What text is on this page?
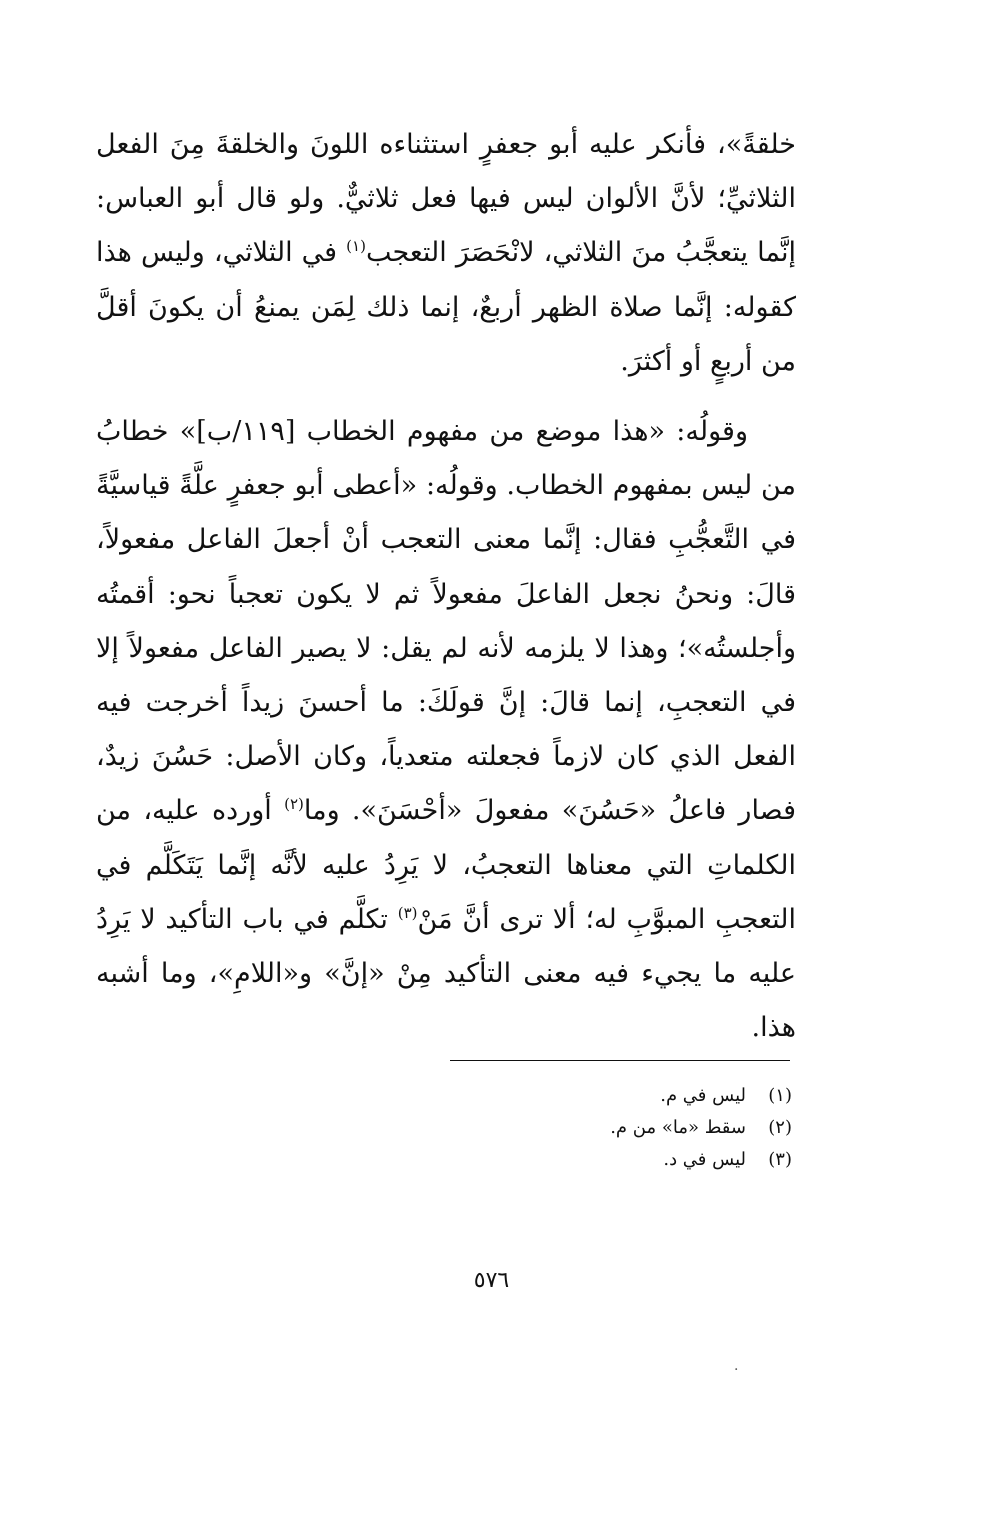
خلقةً»، فأنكر عليه أبو جعفرٍ استثناءه اللونَ والخلقةَ مِنَ الفعل الثلاثيِّ؛ لأنَّ الألوان ليس فيها فعل ثلاثيٌّ. ولو قال أبو العباس: إنَّما يتعجَّبُ منَ الثلاثي، لانْحَصَرَ التعجب$^{(١)}$ في الثلاثي، وليس هذا كقوله: إنَّما صلاة الظهر أربعٌ، إنما ذلك لِمَن يمنعُ أن يكونَ أقلَّ من أربعٍ أو أكثرَ.

وقولُه: «هذا موضع من مفهوم الخطاب [١١٩/ب]» خطابُ من ليس بمفهوم الخطاب. وقولُه: «أعطى أبو جعفرٍ علَّةً قياسيَّةً في التَّعجُّبِ فقال: إنَّما معنى التعجب أنْ أجعلَ الفاعل مفعولاً، قالَ: ونحنُ نجعل الفاعلَ مفعولاً ثم لا يكون تعجباً نحو: أقمتُه وأجلستُه»؛ وهذا لا يلزمه لأنه لم يقل: لا يصير الفاعل مفعولاً إلا في التعجبِ، إنما قالَ: إنَّ قولَكَ: ما أحسنَ زيداً أخرجت فيه الفعل الذي كان لازماً فجعلته متعدياً، وكان الأصل: حَسُنَ زيدٌ، فصار فاعلُ «حَسُنَ» مفعولَ «أحْسَنَ». وما$^{(٢)}$ أورده عليه، من الكلماتِ التي معناها التعجبُ، لا يَرِدُ عليه لأنَّه إنَّما يَتَكَلَّم في التعجبِ المبوَّبِ له؛ ألا ترى أنَّ مَنْ$^{(٣)}$ تكلَّم في باب التأكيد لا يَرِدُ عليه ما يجيء فيه معنى التأكيد مِنْ «إنَّ» و«اللامِ»، وما أشبه هذا.

(١)
ليس في م.
(٢)
سقط «ما» من م.
(٣)
ليس في د.
٥٧٦
·
